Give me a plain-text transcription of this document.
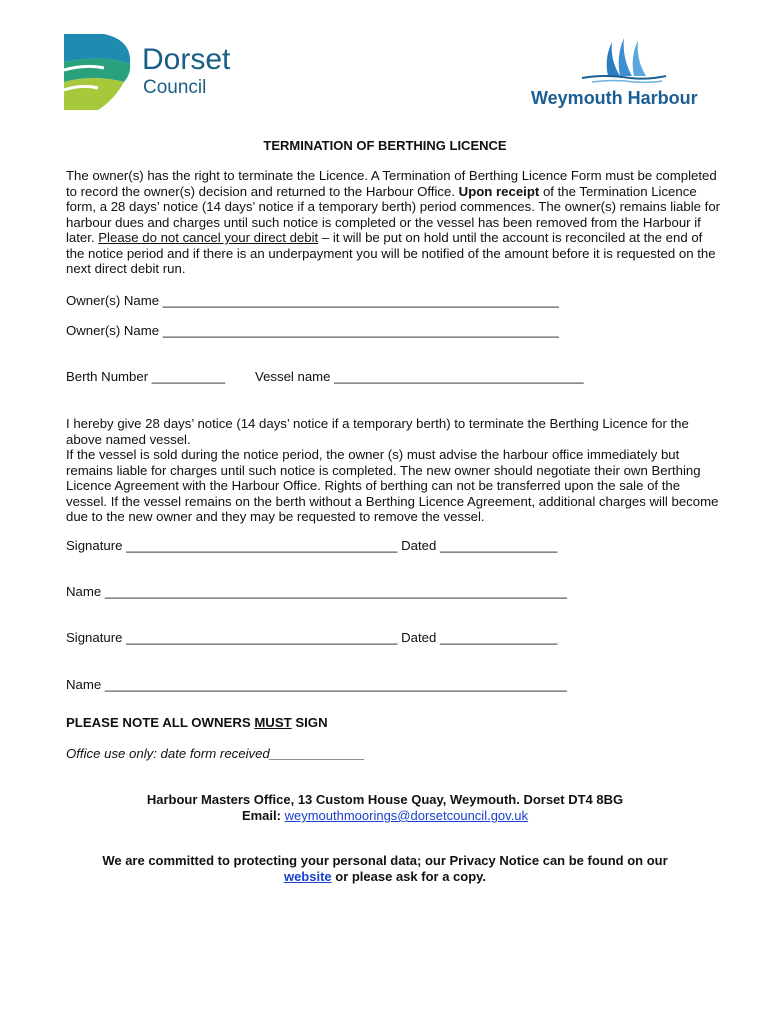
Dorset
Council	Weymouth Harbour
TERMINATION OF BERTHING LICENCE

The owner(s) has the right to terminate the Licence. A Termination of Berthing Licence Form must be completed to record the owner(s) decision and returned to the Harbour Office. Upon receipt of the Termination Licence form, a 28 days’ notice (14 days’ notice if a temporary berth) period commences. The owner(s) remains liable for harbour dues and charges until such notice is completed or the vessel has been removed from the Harbour if later. Please do not cancel your direct debit – it will be put on hold until the account is reconciled at the end of the notice period and if there is an underpayment you will be notified of the amount before it is requested on the next direct debit run.

Owner(s) Name ______________________________________________________
Owner(s) Name ______________________________________________________
Berth Number __________ Vessel name __________________________________

I hereby give 28 days’ notice (14 days’ notice if a temporary berth) to terminate the Berthing Licence for the above named vessel.
If the vessel is sold during the notice period, the owner (s) must advise the harbour office immediately but remains liable for charges until such notice is completed. The new owner should negotiate their own Berthing Licence Agreement with the Harbour Office. Rights of berthing can not be transferred upon the sale of the vessel. If the vessel remains on the berth without a Berthing Licence Agreement, additional charges will become due to the new owner and they may be requested to remove the vessel.

Signature _____________________________________ Dated ________________
Name _______________________________________________________________
Signature _____________________________________ Dated ________________
Name _______________________________________________________________
PLEASE NOTE ALL OWNERS MUST SIGN
Office use only: date form received_____________
Harbour Masters Office, 13 Custom House Quay, Weymouth. Dorset DT4 8BG
Email: weymouthmoorings@dorsetcouncil.gov.uk
We are committed to protecting your personal data; our Privacy Notice can be found on our
website or please ask for a copy.
